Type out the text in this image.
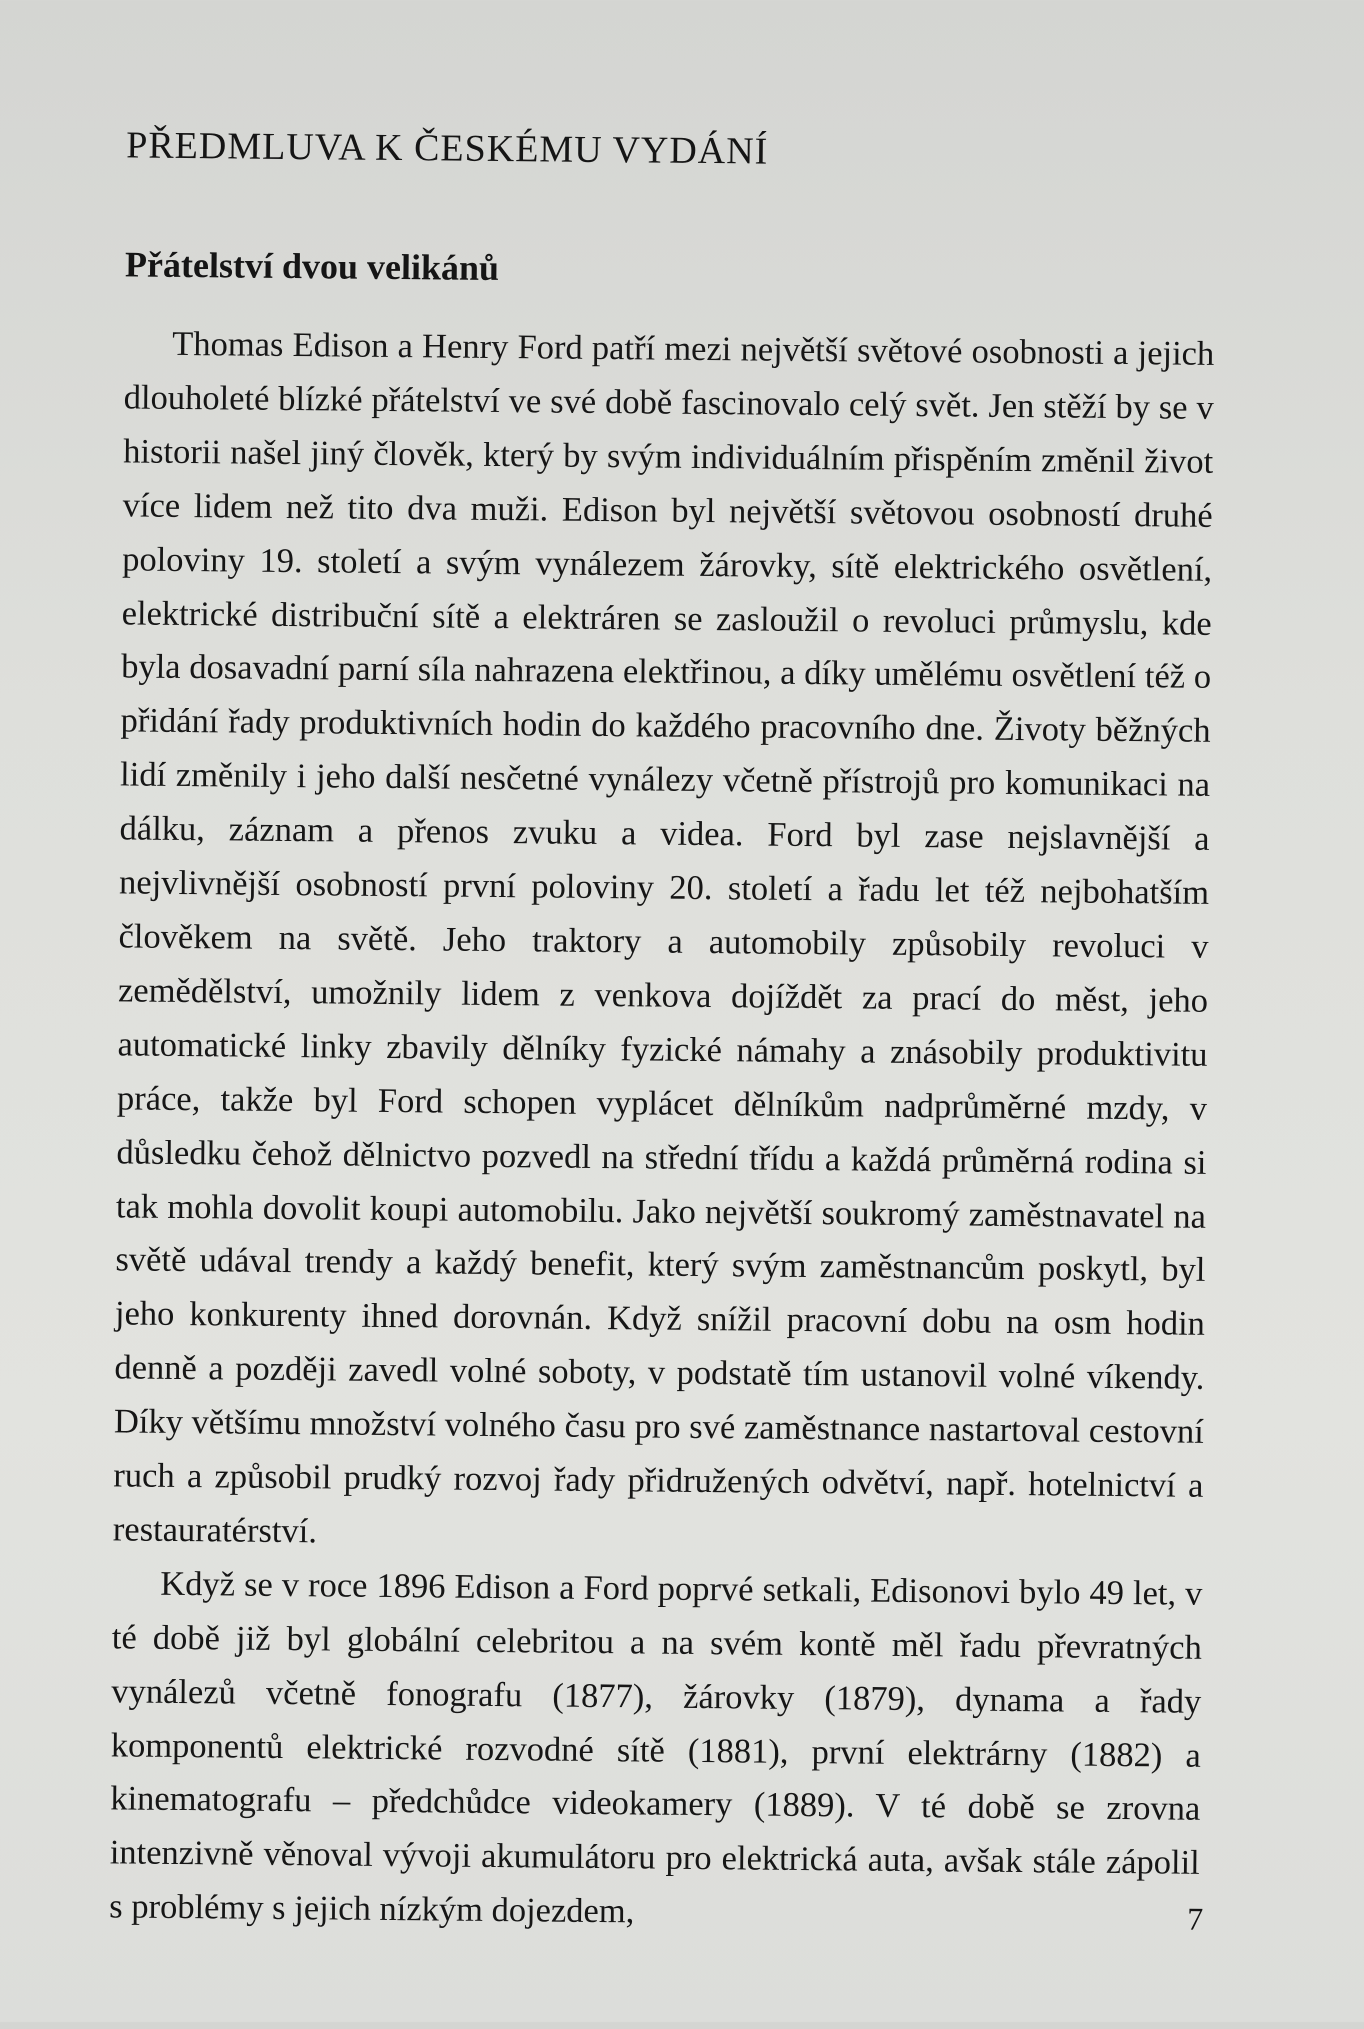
PŘEDMLUVA K ČESKÉMU VYDÁNÍ
Přátelství dvou velikánů

Thomas Edison a Henry Ford patří mezi největší světové osobnosti a jejich dlouholeté blízké přátelství ve své době fascinovalo celý svět. Jen stěží by se v historii našel jiný člověk, který by svým individuálním přispěním změnil život více lidem než tito dva muži. Edison byl největší světovou osobností druhé poloviny 19. století a svým vynálezem žárovky, sítě elektrického osvětlení, elektrické distribuční sítě a elektráren se zasloužil o revoluci průmyslu, kde byla dosavadní parní síla nahrazena elektřinou, a díky umělému osvětlení též o přidání řady produktivních hodin do každého pracovního dne. Životy běžných lidí změnily i jeho další nesčetné vynálezy včetně přístrojů pro komunikaci na dálku, záznam a přenos zvuku a videa. Ford byl zase nejslavnější a nejvlivnější osobností první poloviny 20. století a řadu let též nejbohatším člověkem na světě. Jeho traktory a automobily způsobily revoluci v zemědělství, umožnily lidem z venkova dojíždět za prací do měst, jeho automatické linky zbavily dělníky fyzické námahy a znásobily produktivitu práce, takže byl Ford schopen vyplácet dělníkům nadprůměrné mzdy, v důsledku čehož dělnictvo pozvedl na střední třídu a každá průměrná rodina si tak mohla dovolit koupi automobilu. Jako největší soukromý zaměstnavatel na světě udával trendy a každý benefit, který svým zaměstnancům poskytl, byl jeho konkurenty ihned dorovnán. Když snížil pracovní dobu na osm hodin denně a později zavedl volné soboty, v podstatě tím ustanovil volné víkendy. Díky většímu množství volného času pro své zaměstnance nastartoval cestovní ruch a způsobil prudký rozvoj řady přidružených odvětví, např. hotelnictví a restauratérství.

Když se v roce 1896 Edison a Ford poprvé setkali, Edisonovi bylo 49 let, v té době již byl globální celebritou a na svém kontě měl řadu převratných vynálezů včetně fonografu (1877), žárovky (1879), dynama a řady komponentů elektrické rozvodné sítě (1881), první elektrárny (1882) a kinematografu – předchůdce videokamery (1889). V té době se zrovna intenzivně věnoval vývoji akumulátoru pro elektrická auta, avšak stále zápolil s problémy s jejich nízkým dojezdem,	7
